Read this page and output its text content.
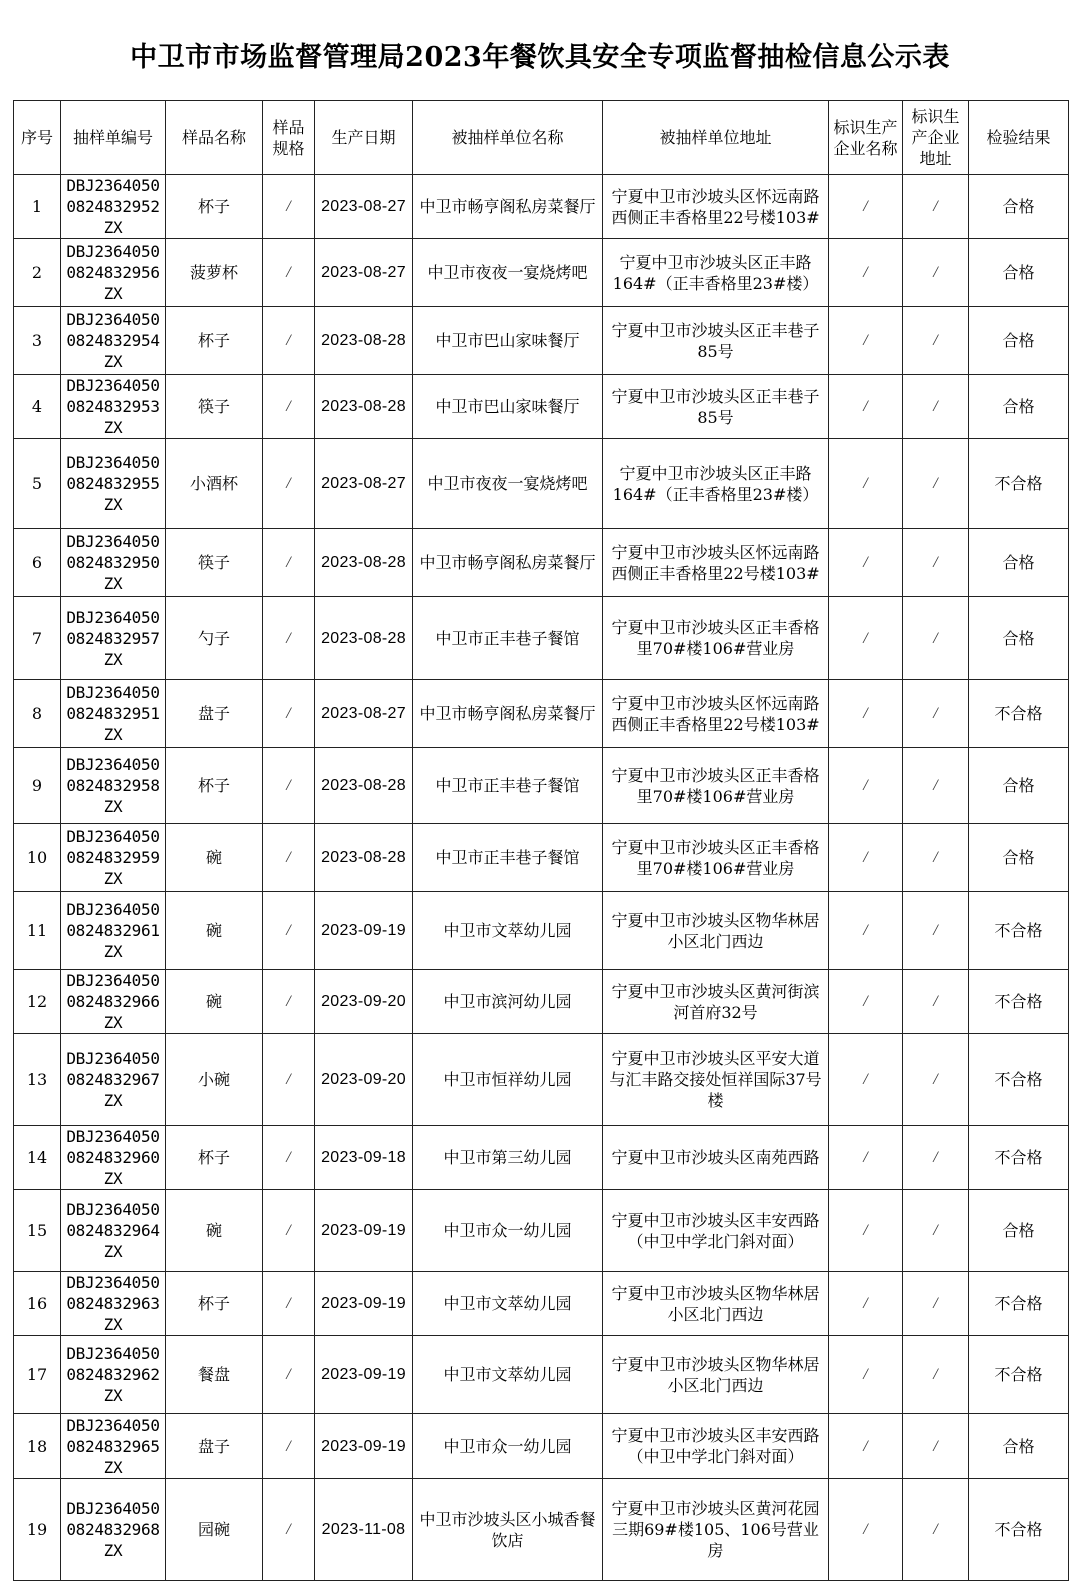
中卫市市场监督管理局2023年餐饮具安全专项监督抽检信息公示表
序号	抽样单编号	样品名称	样品规格	生产日期	被抽样单位名称	被抽样单位地址	标识生产企业名称	标识生产企业地址	检验结果
1	DBJ23640500824832952ZX	杯子	/	2023-08-27	中卫市畅亨阁私房菜餐厅	宁夏中卫市沙坡头区怀远南路西侧正丰香格里22号楼103#	/	/	合格
2	DBJ23640500824832956ZX	菠萝杯	/	2023-08-27	中卫市夜夜一宴烧烤吧	宁夏中卫市沙坡头区正丰路164#（正丰香格里23#楼）	/	/	合格
3	DBJ23640500824832954ZX	杯子	/	2023-08-28	中卫市巴山家味餐厅	宁夏中卫市沙坡头区正丰巷子85号	/	/	合格
4	DBJ23640500824832953ZX	筷子	/	2023-08-28	中卫市巴山家味餐厅	宁夏中卫市沙坡头区正丰巷子85号	/	/	合格
5	DBJ23640500824832955ZX	小酒杯	/	2023-08-27	中卫市夜夜一宴烧烤吧	宁夏中卫市沙坡头区正丰路164#（正丰香格里23#楼）	/	/	不合格
6	DBJ23640500824832950ZX	筷子	/	2023-08-28	中卫市畅亨阁私房菜餐厅	宁夏中卫市沙坡头区怀远南路西侧正丰香格里22号楼103#	/	/	合格
7	DBJ23640500824832957ZX	勺子	/	2023-08-28	中卫市正丰巷子餐馆	宁夏中卫市沙坡头区正丰香格里70#楼106#营业房	/	/	合格
8	DBJ23640500824832951ZX	盘子	/	2023-08-27	中卫市畅亨阁私房菜餐厅	宁夏中卫市沙坡头区怀远南路西侧正丰香格里22号楼103#	/	/	不合格
9	DBJ23640500824832958ZX	杯子	/	2023-08-28	中卫市正丰巷子餐馆	宁夏中卫市沙坡头区正丰香格里70#楼106#营业房	/	/	合格
10	DBJ23640500824832959ZX	碗	/	2023-08-28	中卫市正丰巷子餐馆	宁夏中卫市沙坡头区正丰香格里70#楼106#营业房	/	/	合格
11	DBJ23640500824832961ZX	碗	/	2023-09-19	中卫市文萃幼儿园	宁夏中卫市沙坡头区物华林居小区北门西边	/	/	不合格
12	DBJ23640500824832966ZX	碗	/	2023-09-20	中卫市滨河幼儿园	宁夏中卫市沙坡头区黄河街滨河首府32号	/	/	不合格
13	DBJ23640500824832967ZX	小碗	/	2023-09-20	中卫市恒祥幼儿园	宁夏中卫市沙坡头区平安大道与汇丰路交接处恒祥国际37号楼	/	/	不合格
14	DBJ23640500824832960ZX	杯子	/	2023-09-18	中卫市第三幼儿园	宁夏中卫市沙坡头区南苑西路	/	/	不合格
15	DBJ23640500824832964ZX	碗	/	2023-09-19	中卫市众一幼儿园	宁夏中卫市沙坡头区丰安西路（中卫中学北门斜对面）	/	/	合格
16	DBJ23640500824832963ZX	杯子	/	2023-09-19	中卫市文萃幼儿园	宁夏中卫市沙坡头区物华林居小区北门西边	/	/	不合格
17	DBJ23640500824832962ZX	餐盘	/	2023-09-19	中卫市文萃幼儿园	宁夏中卫市沙坡头区物华林居小区北门西边	/	/	不合格
18	DBJ23640500824832965ZX	盘子	/	2023-09-19	中卫市众一幼儿园	宁夏中卫市沙坡头区丰安西路（中卫中学北门斜对面）	/	/	合格
19	DBJ23640500824832968ZX	园碗	/	2023-11-08	中卫市沙坡头区小城香餐饮店	宁夏中卫市沙坡头区黄河花园三期69#楼105、106号营业房	/	/	不合格
